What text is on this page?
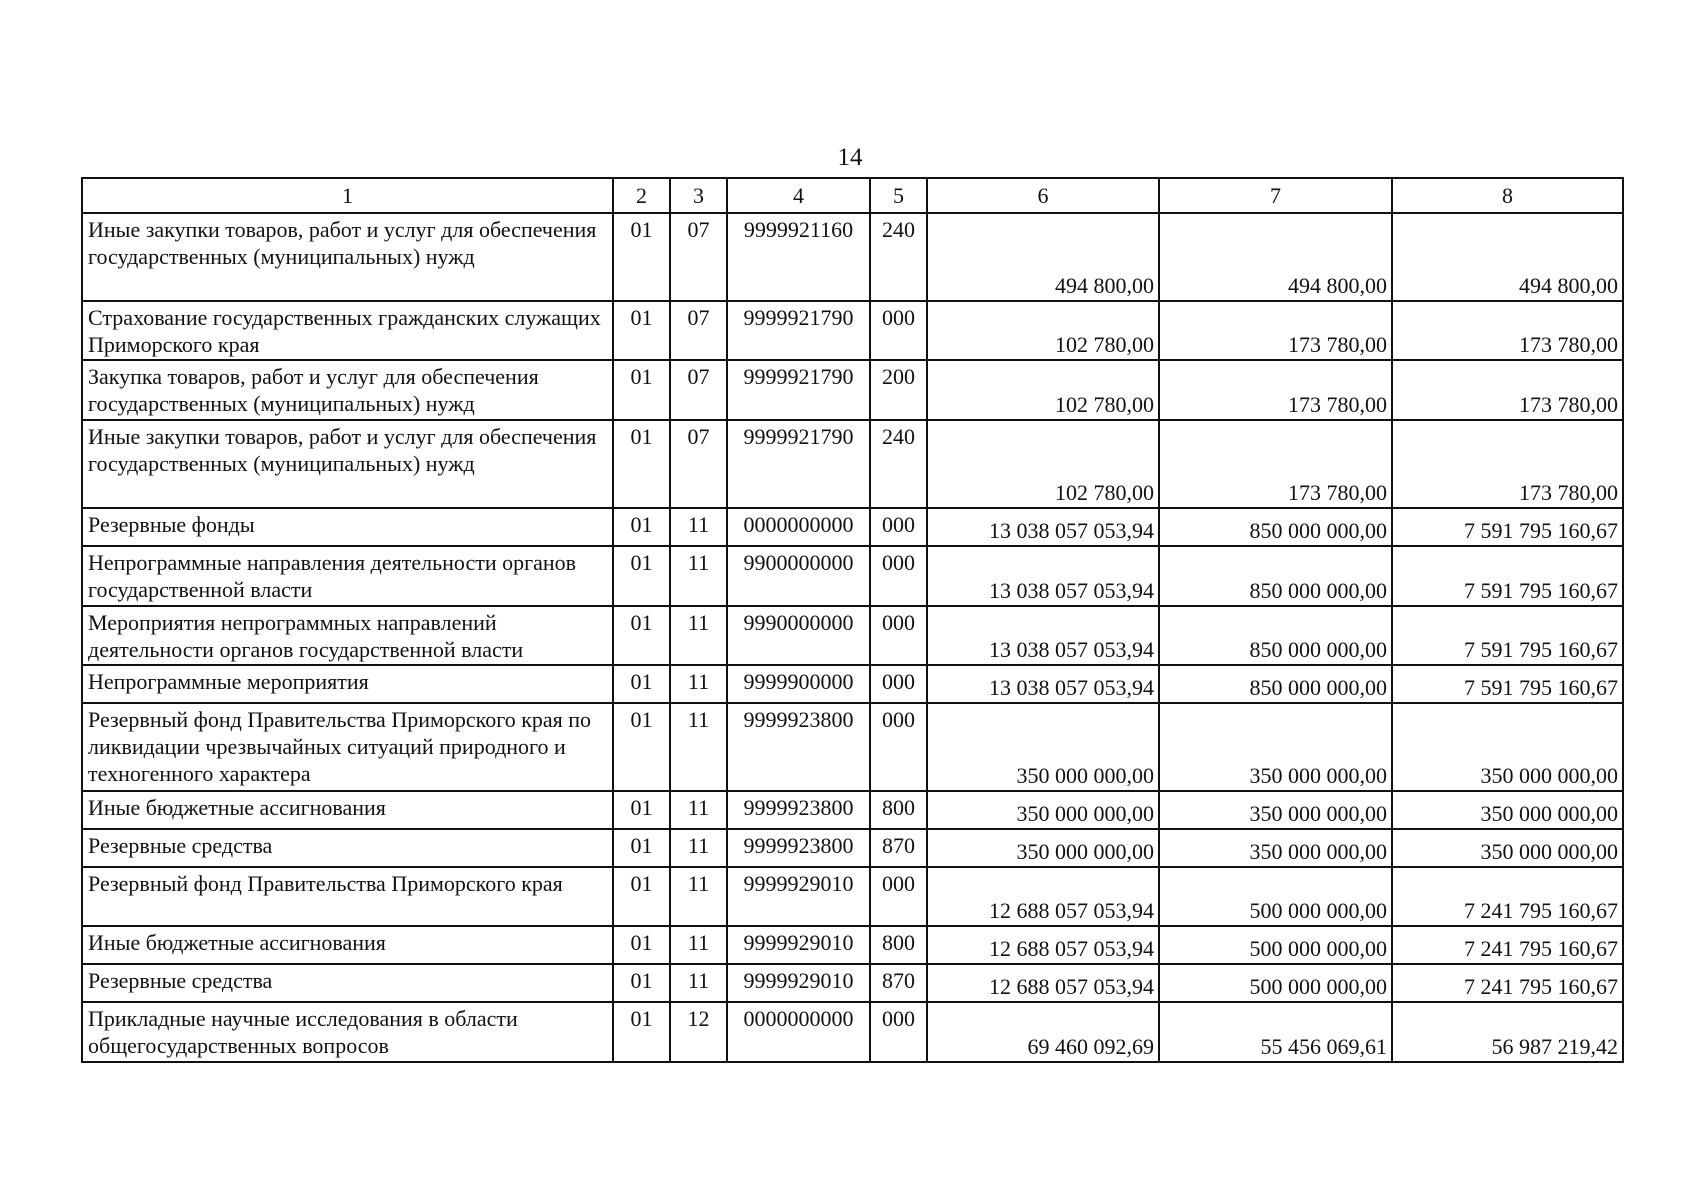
14
1	2	3	4	5	6	7	8
Иные закупки товаров, работ и услуг для обеспечения государственных (муниципальных) нужд	01	07	9999921160	240	494 800,00	494 800,00	494 800,00
Страхование государственных гражданских служащих Приморского края	01	07	9999921790	000	102 780,00	173 780,00	173 780,00
Закупка товаров, работ и услуг для обеспечения государственных (муниципальных) нужд	01	07	9999921790	200	102 780,00	173 780,00	173 780,00
Иные закупки товаров, работ и услуг для обеспечения государственных (муниципальных) нужд	01	07	9999921790	240	102 780,00	173 780,00	173 780,00
Резервные фонды	01	11	0000000000	000	13 038 057 053,94	850 000 000,00	7 591 795 160,67
Непрограммные направления деятельности органов государственной власти	01	11	9900000000	000	13 038 057 053,94	850 000 000,00	7 591 795 160,67
Мероприятия непрограммных направлений деятельности органов государственной власти	01	11	9990000000	000	13 038 057 053,94	850 000 000,00	7 591 795 160,67
Непрограммные мероприятия	01	11	9999900000	000	13 038 057 053,94	850 000 000,00	7 591 795 160,67
Резервный фонд Правительства Приморского края по ликвидации чрезвычайных ситуаций природного и техногенного характера	01	11	9999923800	000	350 000 000,00	350 000 000,00	350 000 000,00
Иные бюджетные ассигнования	01	11	9999923800	800	350 000 000,00	350 000 000,00	350 000 000,00
Резервные средства	01	11	9999923800	870	350 000 000,00	350 000 000,00	350 000 000,00
Резервный фонд Правительства Приморского края	01	11	9999929010	000	12 688 057 053,94	500 000 000,00	7 241 795 160,67
Иные бюджетные ассигнования	01	11	9999929010	800	12 688 057 053,94	500 000 000,00	7 241 795 160,67
Резервные средства	01	11	9999929010	870	12 688 057 053,94	500 000 000,00	7 241 795 160,67
Прикладные научные исследования в области общегосударственных вопросов	01	12	0000000000	000	69 460 092,69	55 456 069,61	56 987 219,42
